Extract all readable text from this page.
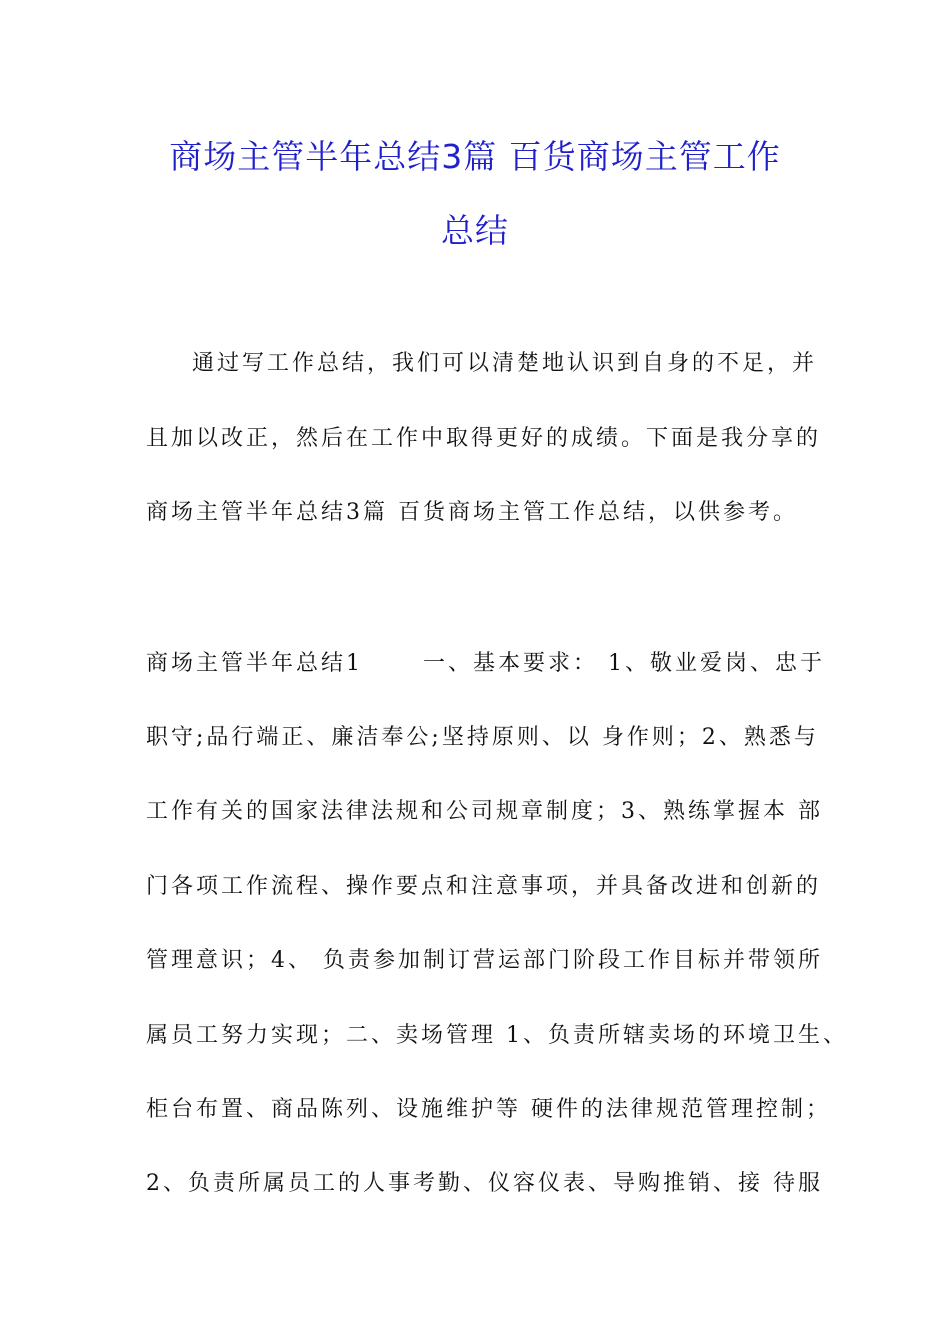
商场主管半年总结3篇 百货商场主管工作
总结
通过写工作总结，我们可以清楚地认识到自身的不足，并
且加以改正，然后在工作中取得更好的成绩。下面是我分享的
商场主管半年总结3篇 百货商场主管工作总结，以供参考。
商场主管半年总结1      一、基本要求： 1、敬业爱岗、忠于
职守;品行端正、廉洁奉公;坚持原则、以 身作则；2、熟悉与
工作有关的国家法律法规和公司规章制度；3、熟练掌握本 部
门各项工作流程、操作要点和注意事项，并具备改进和创新的
管理意识；4、 负责参加制订营运部门阶段工作目标并带领所
属员工努力实现；二、卖场管理 1、负责所辖卖场的环境卫生、
柜台布置、商品陈列、设施维护等 硬件的法律规范管理控制；
2、负责所属员工的人事考勤、仪容仪表、导购推销、接 待服
